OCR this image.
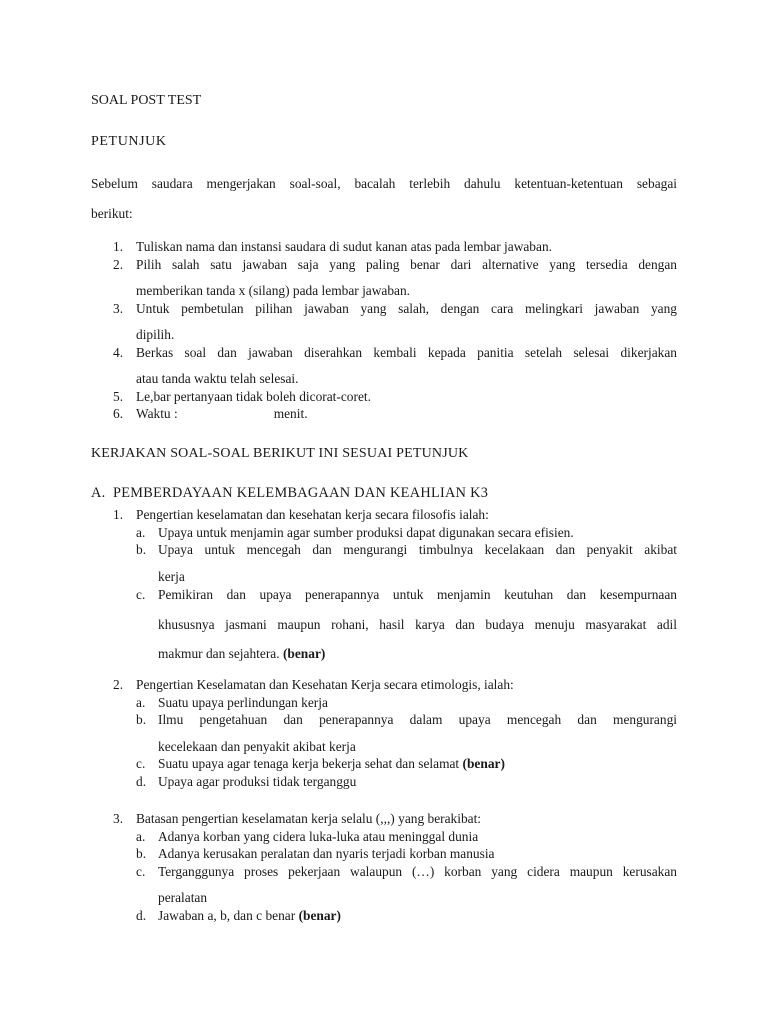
SOAL POST TEST
PETUNJUK

Sebelum saudara mengerjakan soal-soal, bacalah terlebih dahulu ketentuan-ketentuan sebagai

berikut:

1. Tuliskan nama dan instansi saudara di sudut kanan atas pada lembar jawaban.
2. Pilih salah satu jawaban saja yang paling benar dari alternative yang tersedia dengan
memberikan tanda x (silang) pada lembar jawaban.
3. Untuk pembetulan pilihan jawaban yang salah, dengan cara melingkari jawaban yang
dipilih.
4. Berkas soal dan jawaban diserahkan kembali kepada panitia setelah selesai dikerjakan
atau tanda waktu telah selesai.
5. Le,bar pertanyaan tidak boleh dicorat-coret.
6. Waktu :	menit.
KERJAKAN SOAL-SOAL BERIKUT INI SESUAI PETUNJUK
A. PEMBERDAYAAN KELEMBAGAAN DAN KEAHLIAN K3
1. Pengertian keselamatan dan kesehatan kerja secara filosofis ialah:
a. Upaya untuk menjamin agar sumber produksi dapat digunakan secara efisien.
b. Upaya untuk mencegah dan mengurangi timbulnya kecelakaan dan penyakit akibat
kerja
c. Pemikiran dan upaya penerapannya untuk menjamin keutuhan dan kesempurnaan
khususnya jasmani maupun rohani, hasil karya dan budaya menuju masyarakat adil
makmur dan sejahtera. (benar)
2. Pengertian Keselamatan dan Kesehatan Kerja secara etimologis, ialah:
a. Suatu upaya perlindungan kerja
b. Ilmu pengetahuan dan penerapannya dalam upaya mencegah dan mengurangi
kecelekaan dan penyakit akibat kerja
c. Suatu upaya agar tenaga kerja bekerja sehat dan selamat (benar)
d. Upaya agar produksi tidak terganggu
3. Batasan pengertian keselamatan kerja selalu (,,,) yang berakibat:
a. Adanya korban yang cidera luka-luka atau meninggal dunia
b. Adanya kerusakan peralatan dan nyaris terjadi korban manusia
c. Terganggunya proses pekerjaan walaupun (…) korban yang cidera maupun kerusakan
peralatan
d. Jawaban a, b, dan c benar (benar)
